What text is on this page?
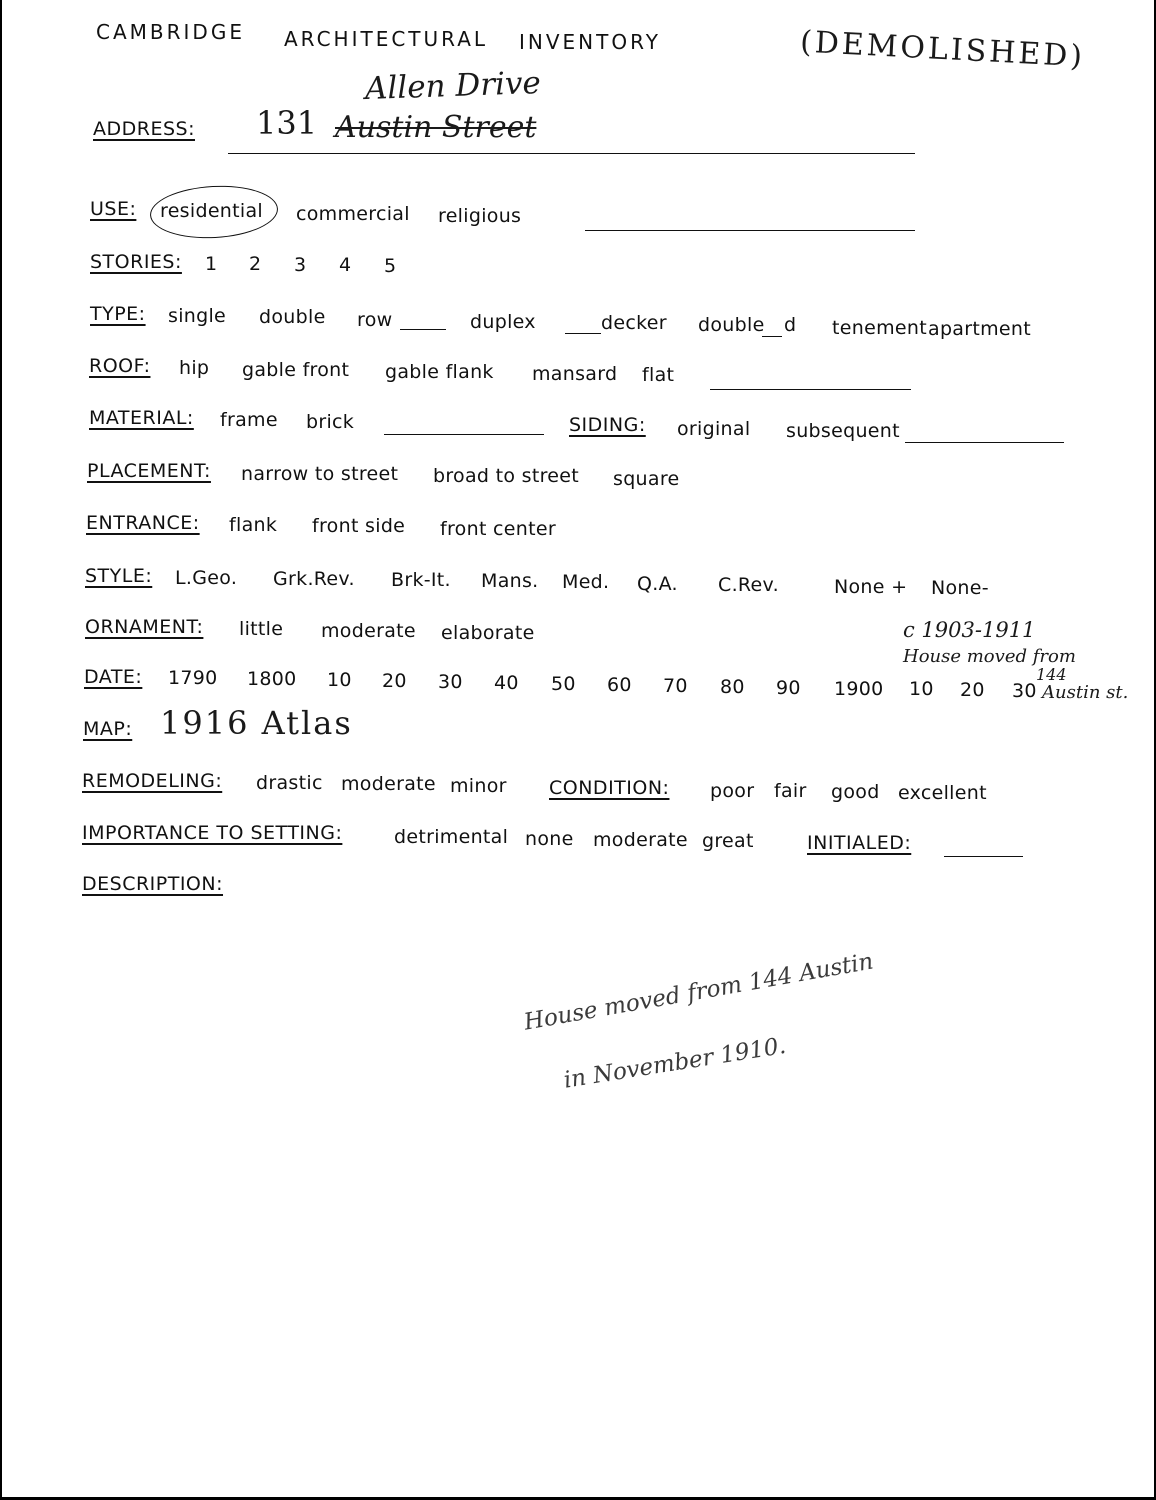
CAMBRIDGE ARCHITECTURAL INVENTORY	(DEMOLISHED)
ADDRESS:
Allen Drive
131 Austin Street
USE: residential commercial religious
STORIES: 1 2 3 4 5
TYPE: single double row	duplex	decker double d tenement apartment
ROOF: hip gable front gable flank mansard flat
MATERIAL: frame brick	SIDING: original subsequent
PLACEMENT: narrow to street broad to street square
ENTRANCE: flank front side front center
STYLE: L.Geo. Grk.Rev. Brk-It. Mans. Med. Q.A. C.Rev.	None + None-
ORNAMENT: little moderate elaborate	c 1903-1911
House moved from
144
Austin st.
DATE: 1790 1800 10 20 30 40 50 60 70 80 90 1900 10 20 30
MAP: 1916 Atlas
REMODELING: drastic moderate minor CONDITION: poor fair good excellent
IMPORTANCE TO SETTING:	detrimental none moderate great	INITIALED:
DESCRIPTION:
House moved from 144 Austin
in November 1910.
